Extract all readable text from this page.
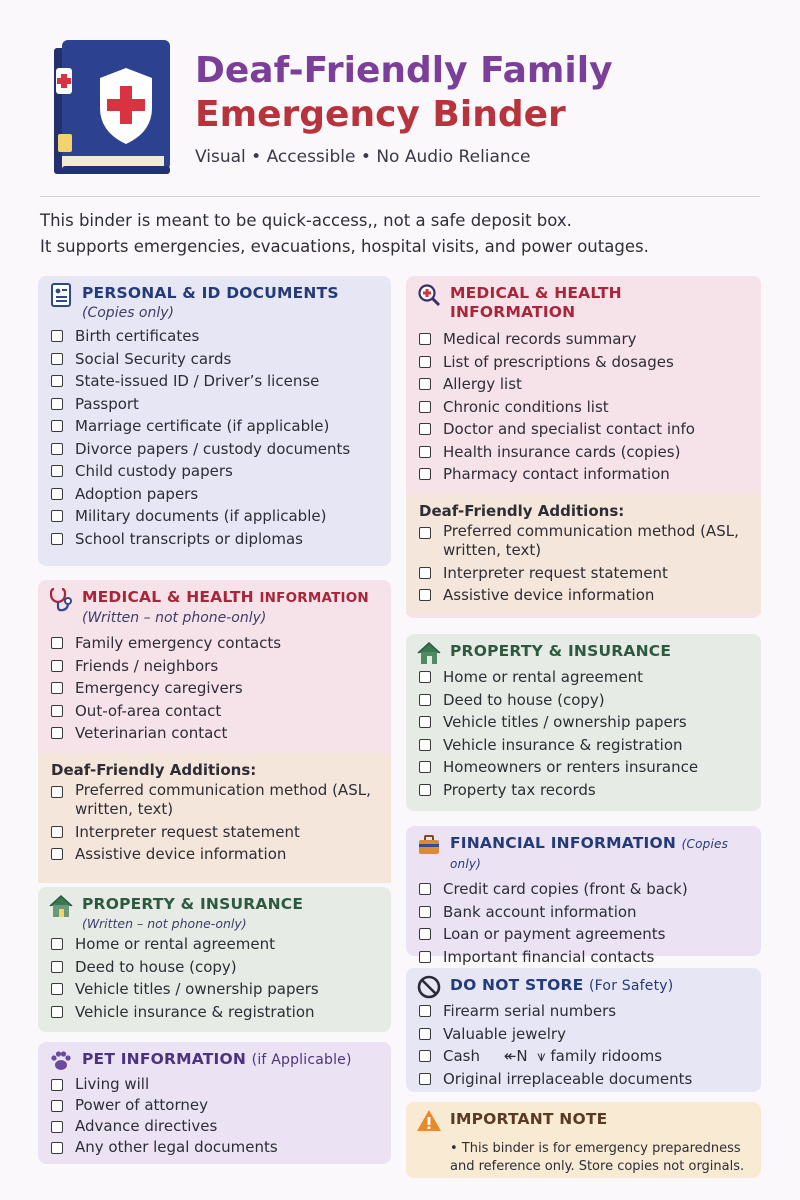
Deaf-Friendly Family
Emergency Binder
Visual • Accessible • No Audio Reliance
This binder is meant to be quick-access,, not a safe deposit box.
It supports emergencies, evacuations, hospital visits, and power outages.
PERSONAL & ID DOCUMENTS
(Copies only)
Birth certificates
Social Security cards
State-issued ID / Driver’s license
Passport
Marriage certificate (if applicable)
Divorce papers / custody documents
Child custody papers
Adoption papers
Military documents (if applicable)
School transcripts or diplomas
MEDICAL & HEALTH INFORMATION
(Written – not phone-only)
Family emergency contacts
Friends / neighbors
Emergency caregivers
Out-of-area contact
Veterinarian contact
Deaf-Friendly Additions:
Preferred communication method (ASL, written, text)
Interpreter request statement
Assistive device information
PROPERTY & INSURANCE
(Written – not phone-only)
Home or rental agreement
Deed to house (copy)
Vehicle titles / ownership papers
Vehicle insurance & registration
PET INFORMATION (if Applicable)
Living will
Power of attorney
Advance directives
Any other legal documents
MEDICAL & HEALTH INFORMATION
Medical records summary
List of prescriptions & dosages
Allergy list
Chronic conditions list
Doctor and specialist contact info
Health insurance cards (copies)
Pharmacy contact information
Deaf-Friendly Additions:
Preferred communication method (ASL, written, text)
Interpreter request statement
Assistive device information
PROPERTY & INSURANCE
Home or rental agreement
Deed to house (copy)
Vehicle titles / ownership papers
Vehicle insurance & registration
Homeowners or renters insurance
Property tax records
FINANCIAL INFORMATION (Copies only)
Credit card copies (front & back)
Bank account information
Loan or payment agreements
Important financial contacts
DO NOT STORE (For Safety)
Firearm serial numbers
Valuable jewelry
Cash     ↞N  ⩛ family ridooms
Original irreplaceable documents
IMPORTANT NOTE
• This binder is for emergency preparedness and reference only. Store copies not orginals.
